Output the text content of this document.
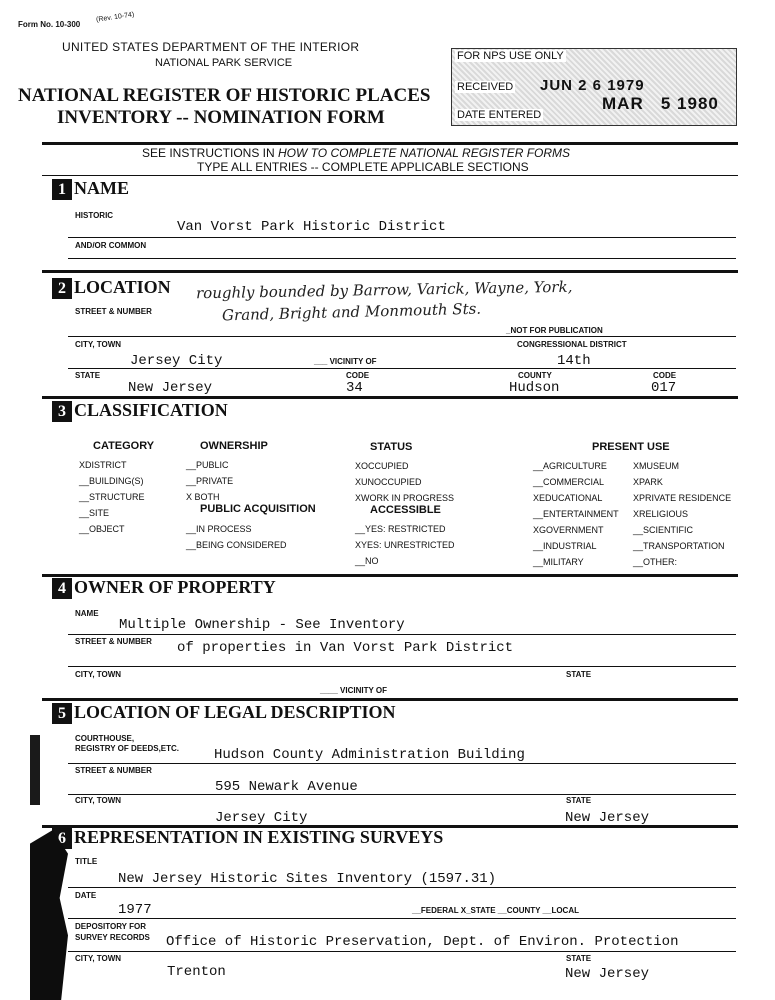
Form No. 10-300
(Rev. 10-74)
UNITED STATES DEPARTMENT OF THE INTERIOR
NATIONAL PARK SERVICE
NATIONAL REGISTER OF HISTORIC PLACES
INVENTORY -- NOMINATION FORM
FOR NPS USE ONLY
RECEIVED JUN 2 6 1979
MAR   5 1980
DATE ENTERED
SEE INSTRUCTIONS IN HOW TO COMPLETE NATIONAL REGISTER FORMS
TYPE ALL ENTRIES -- COMPLETE APPLICABLE SECTIONS
1 NAME
HISTORIC
Van Vorst Park Historic District
AND/OR COMMON
2 LOCATION
STREET & NUMBER
roughly bounded by Barrow, Varick, Wayne, York,
Grand, Bright and Monmouth Sts.
_NOT FOR PUBLICATION
CITY, TOWN	CONGRESSIONAL DISTRICT
Jersey City	___ VICINITY OF	14th
STATE	CODE	COUNTY	CODE
New Jersey	34	Hudson	017
3 CLASSIFICATION
CATEGORY
XDISTRICT
__BUILDING(S)
__STRUCTURE
__SITE
__OBJECT
OWNERSHIP
__PUBLIC
__PRIVATE
X BOTH
PUBLIC ACQUISITION
__IN PROCESS
__BEING CONSIDERED
STATUS
XOCCUPIED
XUNOCCUPIED
XWORK IN PROGRESS
ACCESSIBLE
__YES: RESTRICTED
XYES: UNRESTRICTED
__NO
PRESENT USE
__AGRICULTURE
__COMMERCIAL
XEDUCATIONAL
__ENTERTAINMENT
XGOVERNMENT
__INDUSTRIAL
__MILITARY
XMUSEUM
XPARK
XPRIVATE RESIDENCE
XRELIGIOUS
__SCIENTIFIC
__TRANSPORTATION
__OTHER:
4 OWNER OF PROPERTY
NAME
Multiple Ownership - See Inventory
STREET & NUMBER of properties in Van Vorst Park District
CITY, TOWN	STATE
____ VICINITY OF
5 LOCATION OF LEGAL DESCRIPTION
COURTHOUSE,
REGISTRY OF DEEDS,ETC. Hudson County Administration Building
STREET & NUMBER
595 Newark Avenue
CITY, TOWN	STATE
Jersey City	New Jersey
6 REPRESENTATION IN EXISTING SURVEYS
TITLE
New Jersey Historic Sites Inventory (1597.31)
DATE
1977	__FEDERAL X_STATE __COUNTY __LOCAL
DEPOSITORY FOR
SURVEY RECORDS Office of Historic Preservation, Dept. of Environ. Protection
CITY, TOWN	STATE
Trenton	New Jersey
